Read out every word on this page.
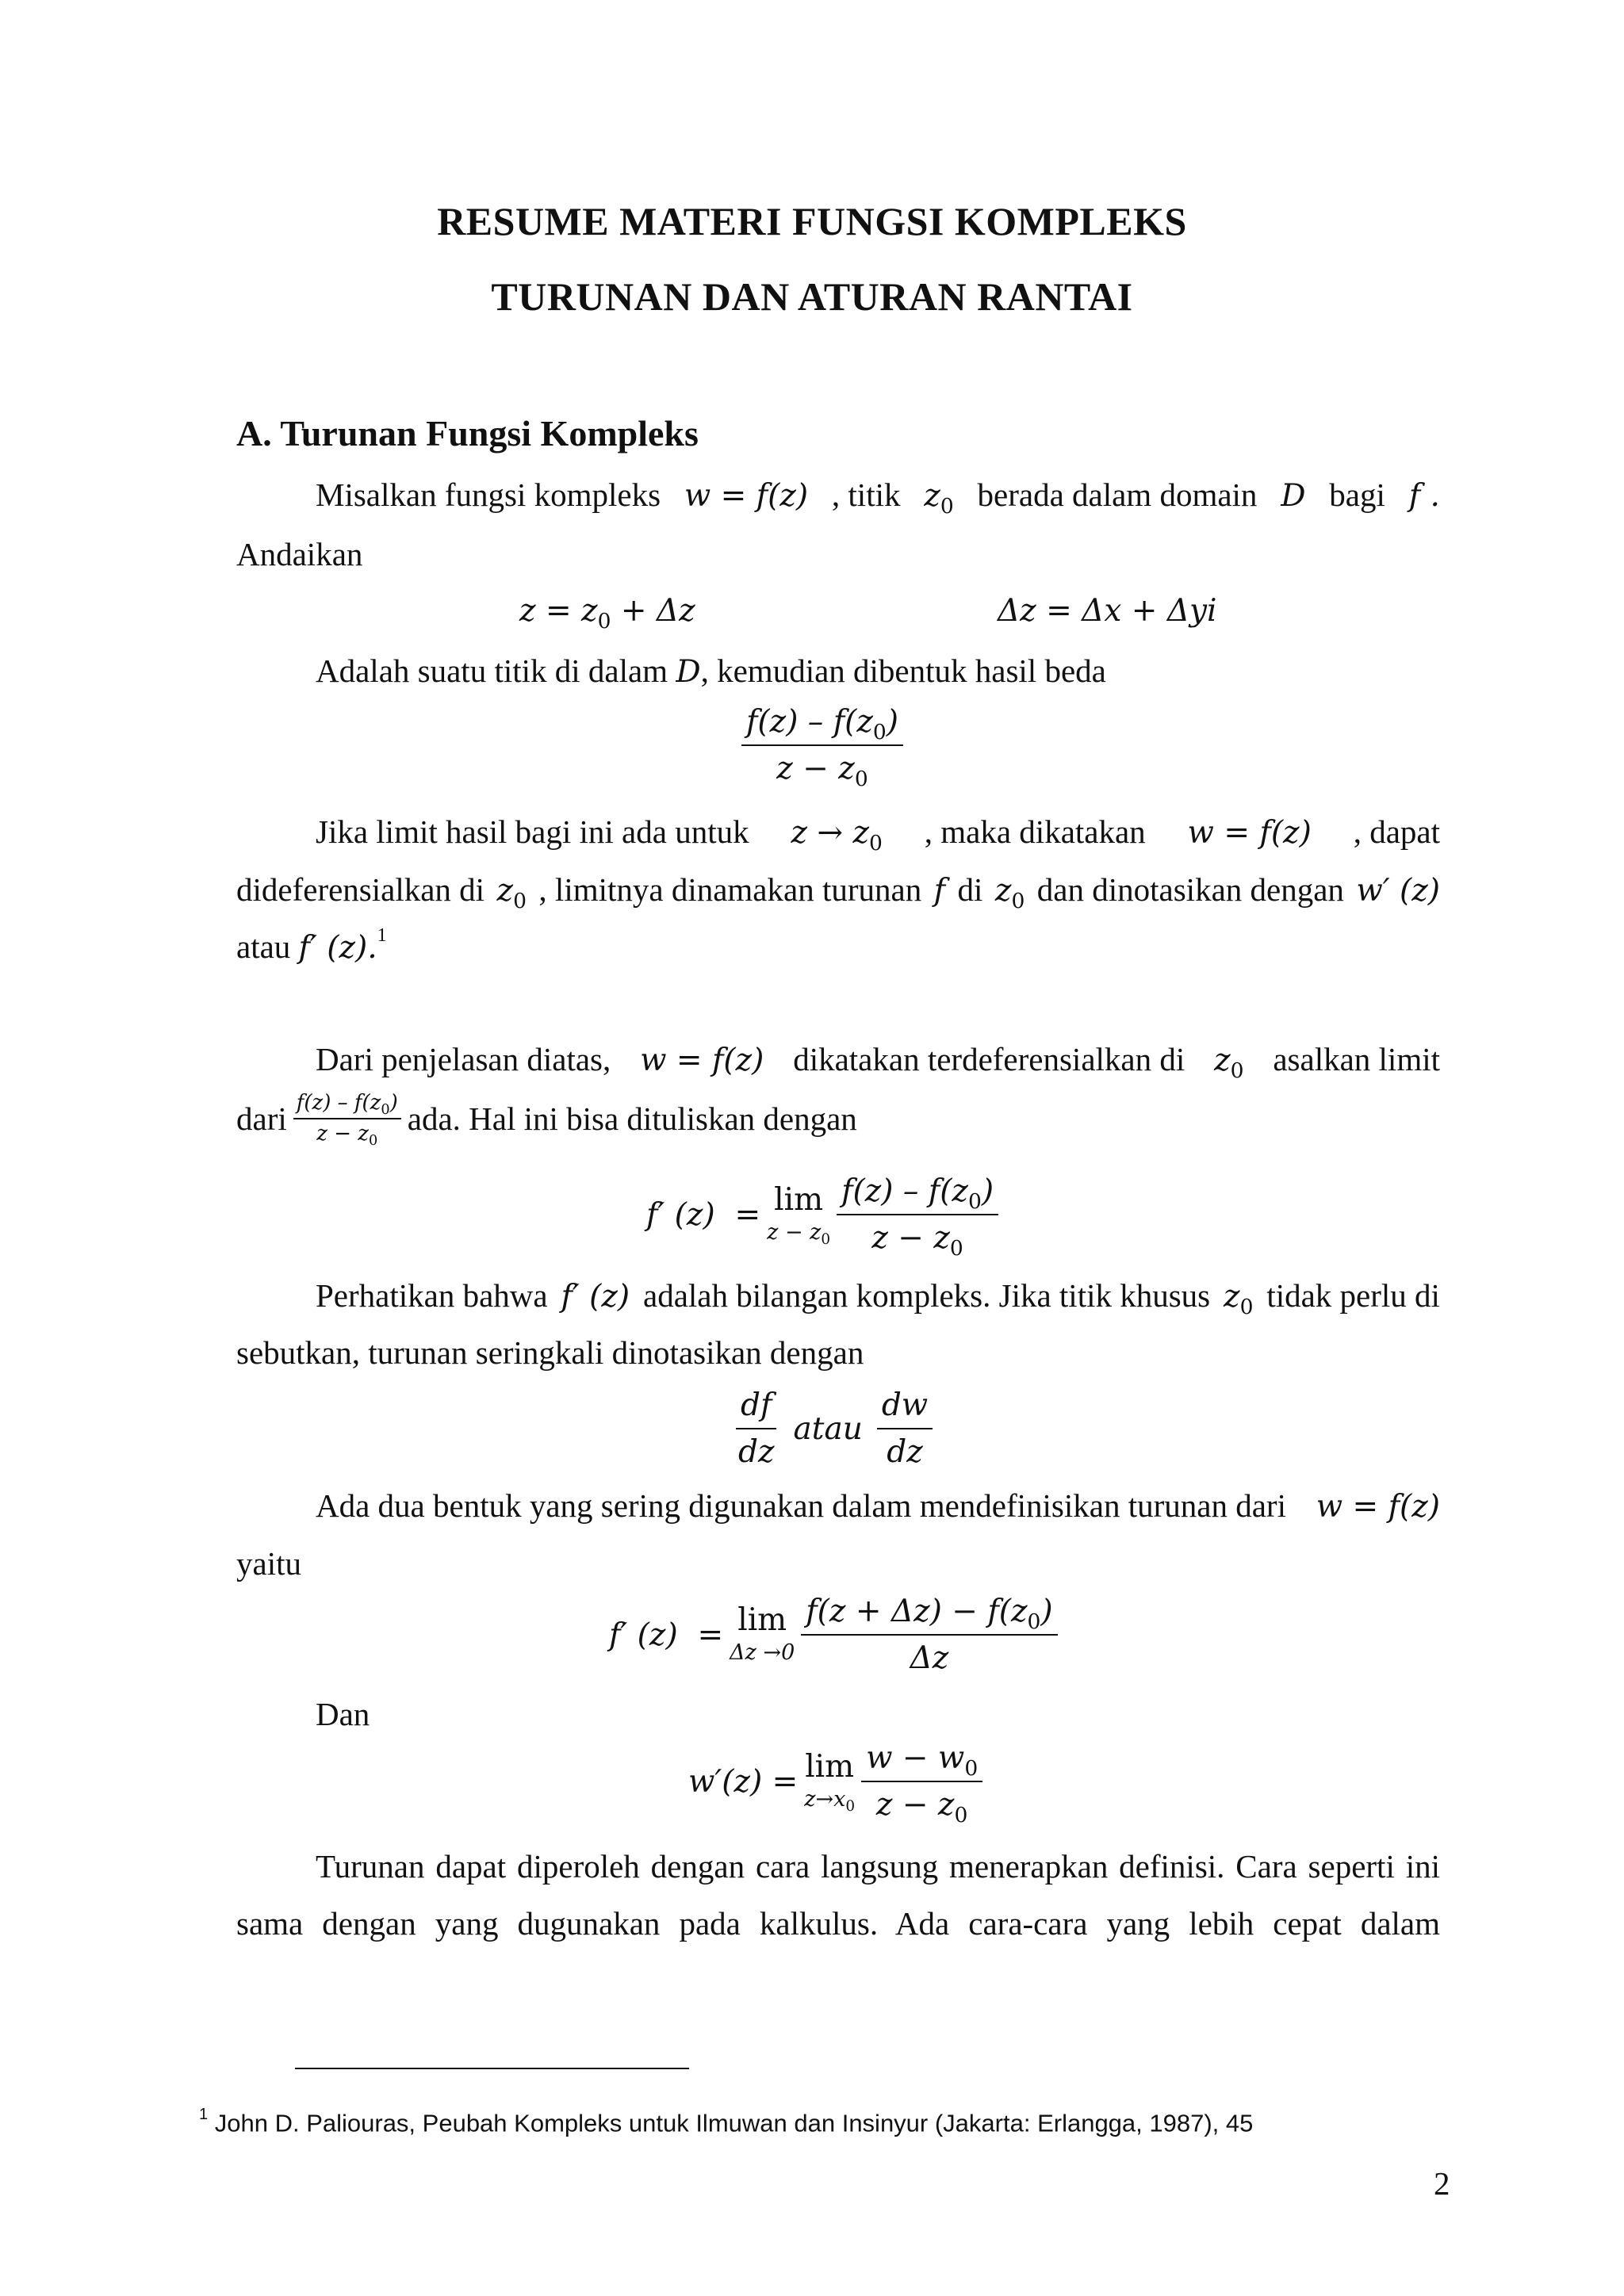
RESUME MATERI FUNGSI KOMPLEKS
TURUNAN DAN ATURAN RANTAI
A. Turunan Fungsi Kompleks
Misalkan fungsi kompleks w = f(z) , titik $z_0$ berada dalam domain D bagi f .
Andaikan
$z = z_0 + \Delta z$	Δz = Δx + Δyi
Adalah suatu titik di dalam D, kemudian dibentuk hasil beda
$\frac{f(z) - f(z_0)}{z - z_0}$
Jika limit hasil bagi ini ada untuk $z \to z_0$ , maka dikatakan w = f(z) , dapat
dideferensialkan di $z_0$ , limitnya dinamakan turunan f di $z_0$ dan dinotasikan dengan w′ (z)
atau f′ (z).$^1$
Dari penjelasan diatas, w = f(z) dikatakan terdeferensialkan di $z_0$ asalkan limit
dari $\frac{f(z) - f(z_0)}{z - z_0}$ ada. Hal ini bisa dituliskan dengan
f′ (z)  = lim
$z - z_0 \frac{f(z) - f(z_0)}{z - z_0}$
Perhatikan bahwa f′ (z) adalah bilangan kompleks. Jika titik khusus $z_0$ tidak perlu di
sebutkan, turunan seringkali dinotasikan dengan
$\frac{df}{dz}$ atau $\frac{dw}{dz}$
Ada dua bentuk yang sering digunakan dalam mendefinisikan turunan dari w = f(z)
yaitu
f′ (z)  = lim
$\Delta z \to 0 \frac{f(z + \Delta z) - f(z_0)}{\Delta z}$
Dan
w′(z) = lim
$z\to x_0 \frac{w - w_0}{z - z_0}$
Turunan dapat diperoleh dengan cara langsung menerapkan definisi. Cara seperti ini
sama dengan yang dugunakan pada kalkulus. Ada cara-cara yang lebih cepat dalam
$^1$ John D. Paliouras, Peubah Kompleks untuk Ilmuwan dan Insinyur (Jakarta: Erlangga, 1987), 45
2
